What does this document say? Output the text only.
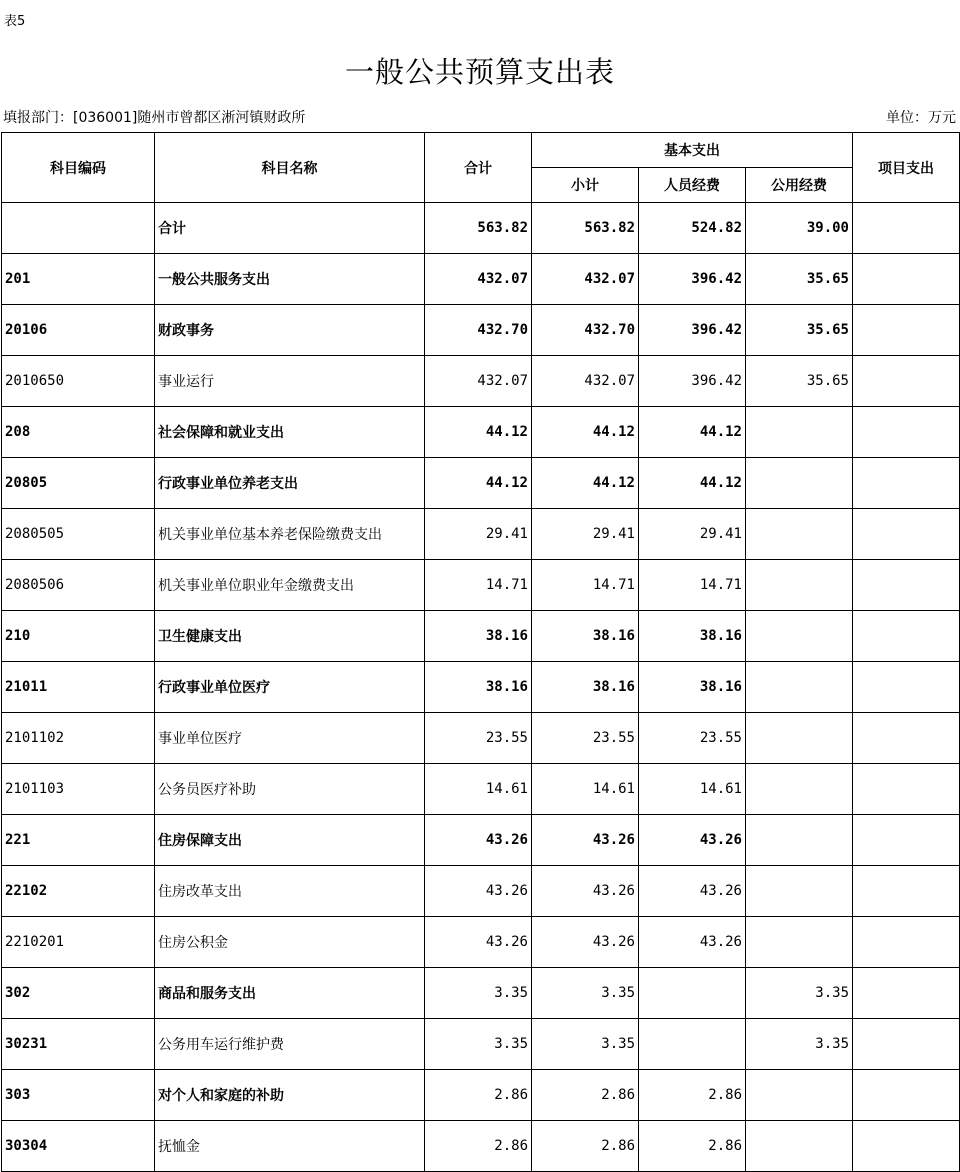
表5
一般公共预算支出表
填报部门：[036001]随州市曾都区淅河镇财政所	单位：万元
科目编码	科目名称	合计	基本支出			项目支出
			小计	人员经费	公用经费	
	合计	563.82	563.82	524.82	39.00	
201	一般公共服务支出	432.07	432.07	396.42	35.65	
20106	财政事务	432.70	432.70	396.42	35.65	
2010650	事业运行	432.07	432.07	396.42	35.65	
208	社会保障和就业支出	44.12	44.12	44.12		
20805	行政事业单位养老支出	44.12	44.12	44.12		
2080505	机关事业单位基本养老保险缴费支出	29.41	29.41	29.41		
2080506	机关事业单位职业年金缴费支出	14.71	14.71	14.71		
210	卫生健康支出	38.16	38.16	38.16		
21011	行政事业单位医疗	38.16	38.16	38.16		
2101102	事业单位医疗	23.55	23.55	23.55		
2101103	公务员医疗补助	14.61	14.61	14.61		
221	住房保障支出	43.26	43.26	43.26		
22102	住房改革支出	43.26	43.26	43.26		
2210201	住房公积金	43.26	43.26	43.26		
302	商品和服务支出	3.35	3.35		3.35	
30231	公务用车运行维护费	3.35	3.35		3.35	
303	对个人和家庭的补助	2.86	2.86	2.86		
30304	抚恤金	2.86	2.86	2.86		
